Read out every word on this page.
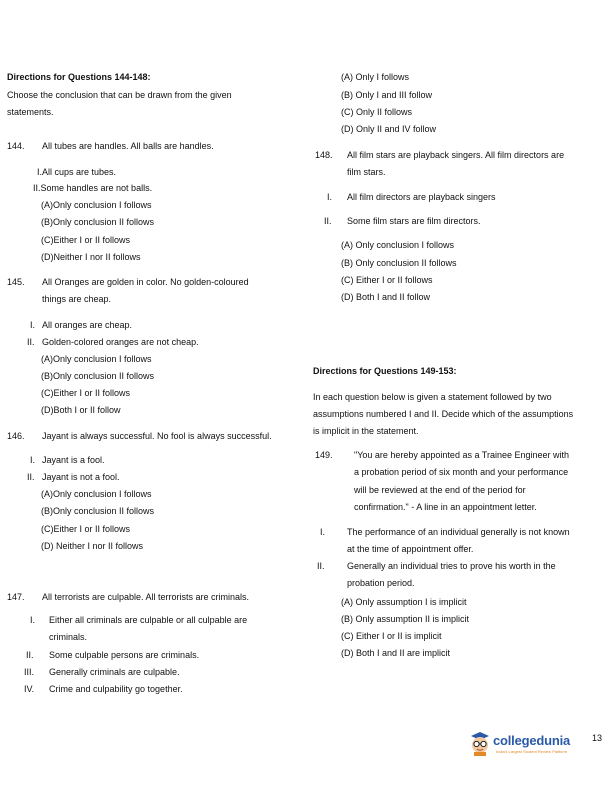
Directions for Questions 144-148:
Choose the conclusion that can be drawn from the given
statements.
144. All tubes are handles. All balls are handles.
I.All cups are tubes.
II.Some handles are not balls.
(A)Only conclusion I follows
(B)Only conclusion II follows
(C)Either I or II follows
(D)Neither I nor II follows
145. All Oranges are golden in color. No golden-coloured
things are cheap.
I. All oranges are cheap.
II. Golden-colored oranges are not cheap.
(A)Only conclusion I follows
(B)Only conclusion II follows
(C)Either I or II follows
(D)Both I or II follow
146. Jayant is always successful. No fool is always successful.
I. Jayant is a fool.
II. Jayant is not a fool.
(A)Only conclusion I follows
(B)Only conclusion II follows
(C)Either I or II follows
(D) Neither I nor II follows
147. All terrorists are culpable. All terrorists are criminals.
I. Either all criminals are culpable or all culpable are
criminals.
II. Some culpable persons are criminals.
III. Generally criminals are culpable.
IV. Crime and culpability go together.
(A) Only I follows
(B) Only I and III follow
(C) Only II follows
(D) Only II and IV follow
148. All film stars are playback singers. All film directors are
film stars.
I. All film directors are playback singers
II. Some film stars are film directors.
(A) Only conclusion I follows
(B) Only conclusion II follows
(C) Either I or II follows
(D) Both I and II follow
Directions for Questions 149-153:
In each question below is given a statement followed by two
assumptions numbered I and II. Decide which of the assumptions
is implicit in the statement.
149. "You are hereby appointed as a Trainee Engineer with
a probation period of six month and your performance
will be reviewed at the end of the period for
confirmation." - A line in an appointment letter.
I. The performance of an individual generally is not known
at the time of appointment offer.
II. Generally an individual tries to prove his worth in the
probation period.
(A) Only assumption I is implicit
(B) Only assumption II is implicit
(C) Either I or II is implicit
(D) Both I and II are implicit
collegedunia
India's Largest Student Review Platform
13
